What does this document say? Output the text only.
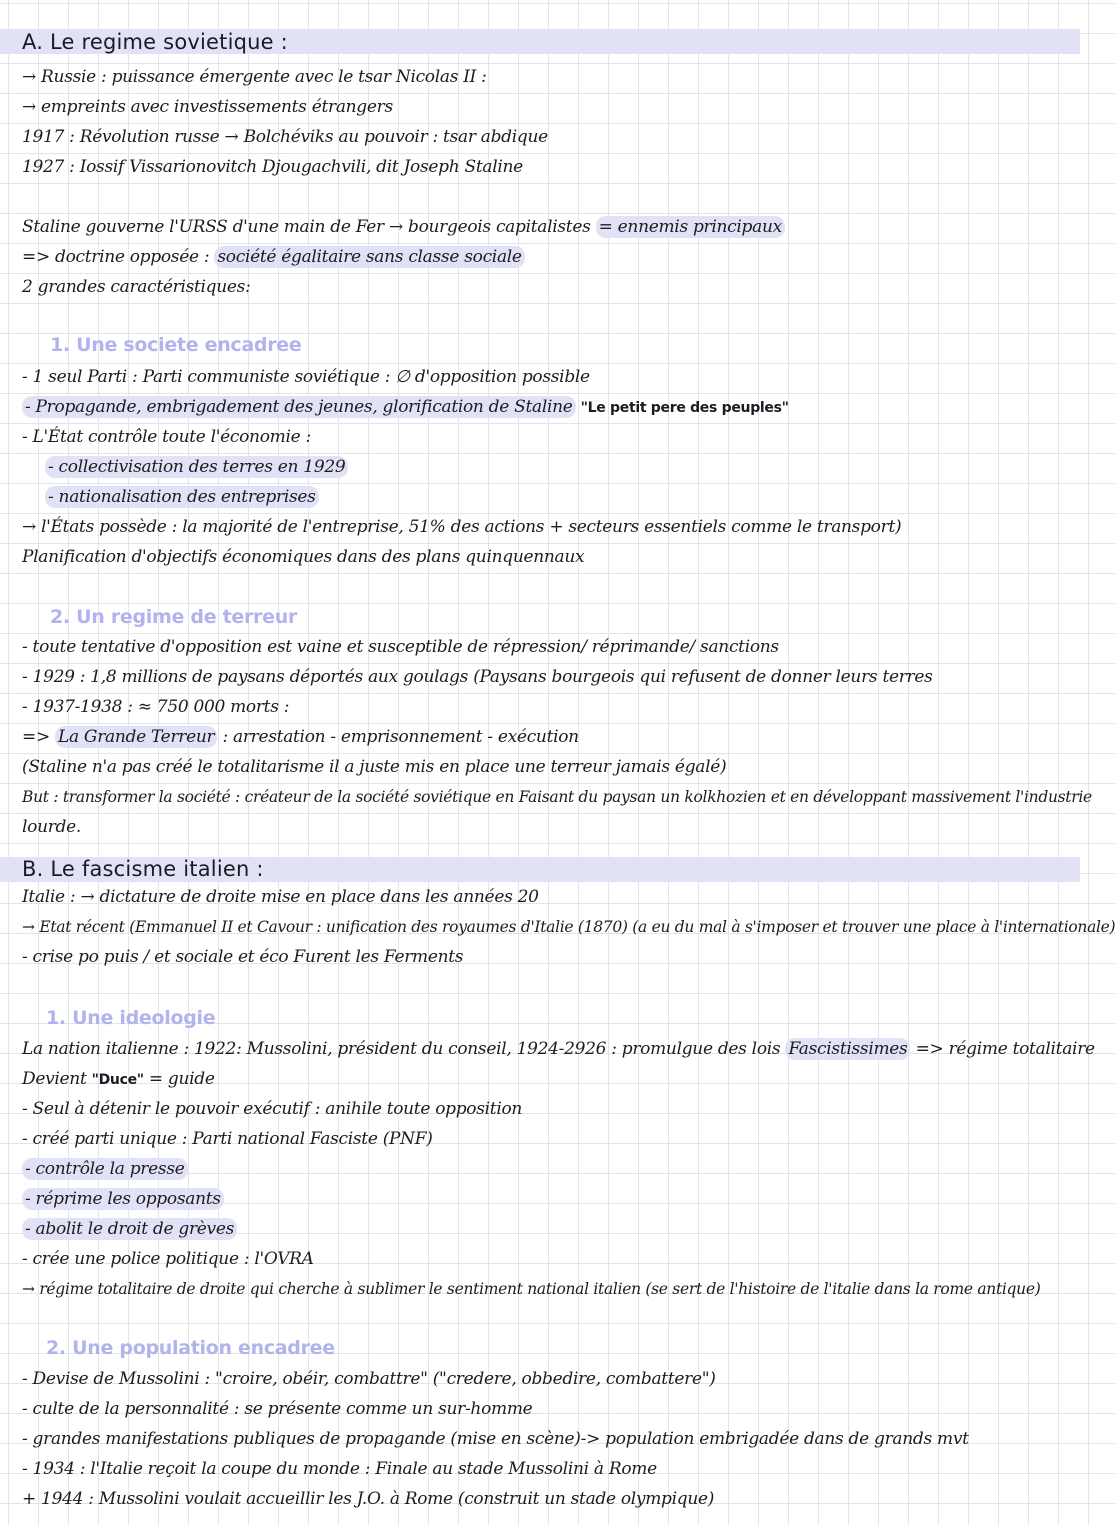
A. Le regime sovietique :
→ Russie : puissance émergente avec le tsar Nicolas II :
→ empreints avec investissements étrangers
1917 : Révolution russe → Bolchéviks au pouvoir : tsar abdique
1927 : Iossif Vissarionovitch Djougachvili, dit Joseph Staline
Staline gouverne l'URSS d'une main de Fer → bourgeois capitalistes = ennemis principaux
=> doctrine opposée : société égalitaire sans classe sociale
2 grandes caractéristiques:
1. Une societe encadree
- 1 seul Parti : Parti communiste soviétique : ∅ d'opposition possible
- Propagande, embrigadement des jeunes, glorification de Staline "Le petit pere des peuples"
- L'État contrôle toute l'économie :
- collectivisation des terres en 1929
- nationalisation des entreprises
→ l'États possède : la majorité de l'entreprise, 51% des actions + secteurs essentiels comme le transport)
Planification d'objectifs économiques dans des plans quinquennaux
2. Un regime de terreur
- toute tentative d'opposition est vaine et susceptible de répression/ réprimande/ sanctions
- 1929 : 1,8 millions de paysans déportés aux goulags (Paysans bourgeois qui refusent de donner leurs terres
- 1937-1938 : ≈ 750 000 morts :
=> La Grande Terreur : arrestation - emprisonnement - exécution
(Staline n'a pas créé le totalitarisme il a juste mis en place une terreur jamais égalé)
But : transformer la société : créateur de la société soviétique en Faisant du paysan un kolkhozien et en développant massivement l'industrie
lourde.
B. Le fascisme italien :
Italie : → dictature de droite mise en place dans les années 20
→ Etat récent (Emmanuel II et Cavour : unification des royaumes d'Italie (1870) (a eu du mal à s'imposer et trouver une place à l'internationale)
- crise po puis / et sociale et éco Furent les Ferments
1. Une ideologie
La nation italienne : 1922: Mussolini, président du conseil, 1924-2926 : promulgue des lois Fascistissimes => régime totalitaire
Devient "Duce" = guide
- Seul à détenir le pouvoir exécutif : anihile toute opposition
- créé parti unique : Parti national Fasciste (PNF)
- contrôle la presse
- réprime les opposants
- abolit le droit de grèves
- crée une police politique : l'OVRA
→ régime totalitaire de droite qui cherche à sublimer le sentiment national italien (se sert de l'histoire de l'italie dans la rome antique)
2. Une population encadree
- Devise de Mussolini : "croire, obéir, combattre" ("credere, obbedire, combattere")
- culte de la personnalité : se présente comme un sur-homme
- grandes manifestations publiques de propagande (mise en scène)-> population embrigadée dans de grands mvt
- 1934 : l'Italie reçoit la coupe du monde : Finale au stade Mussolini à Rome
+ 1944 : Mussolini voulait accueillir les J.O. à Rome (construit un stade olympique)
